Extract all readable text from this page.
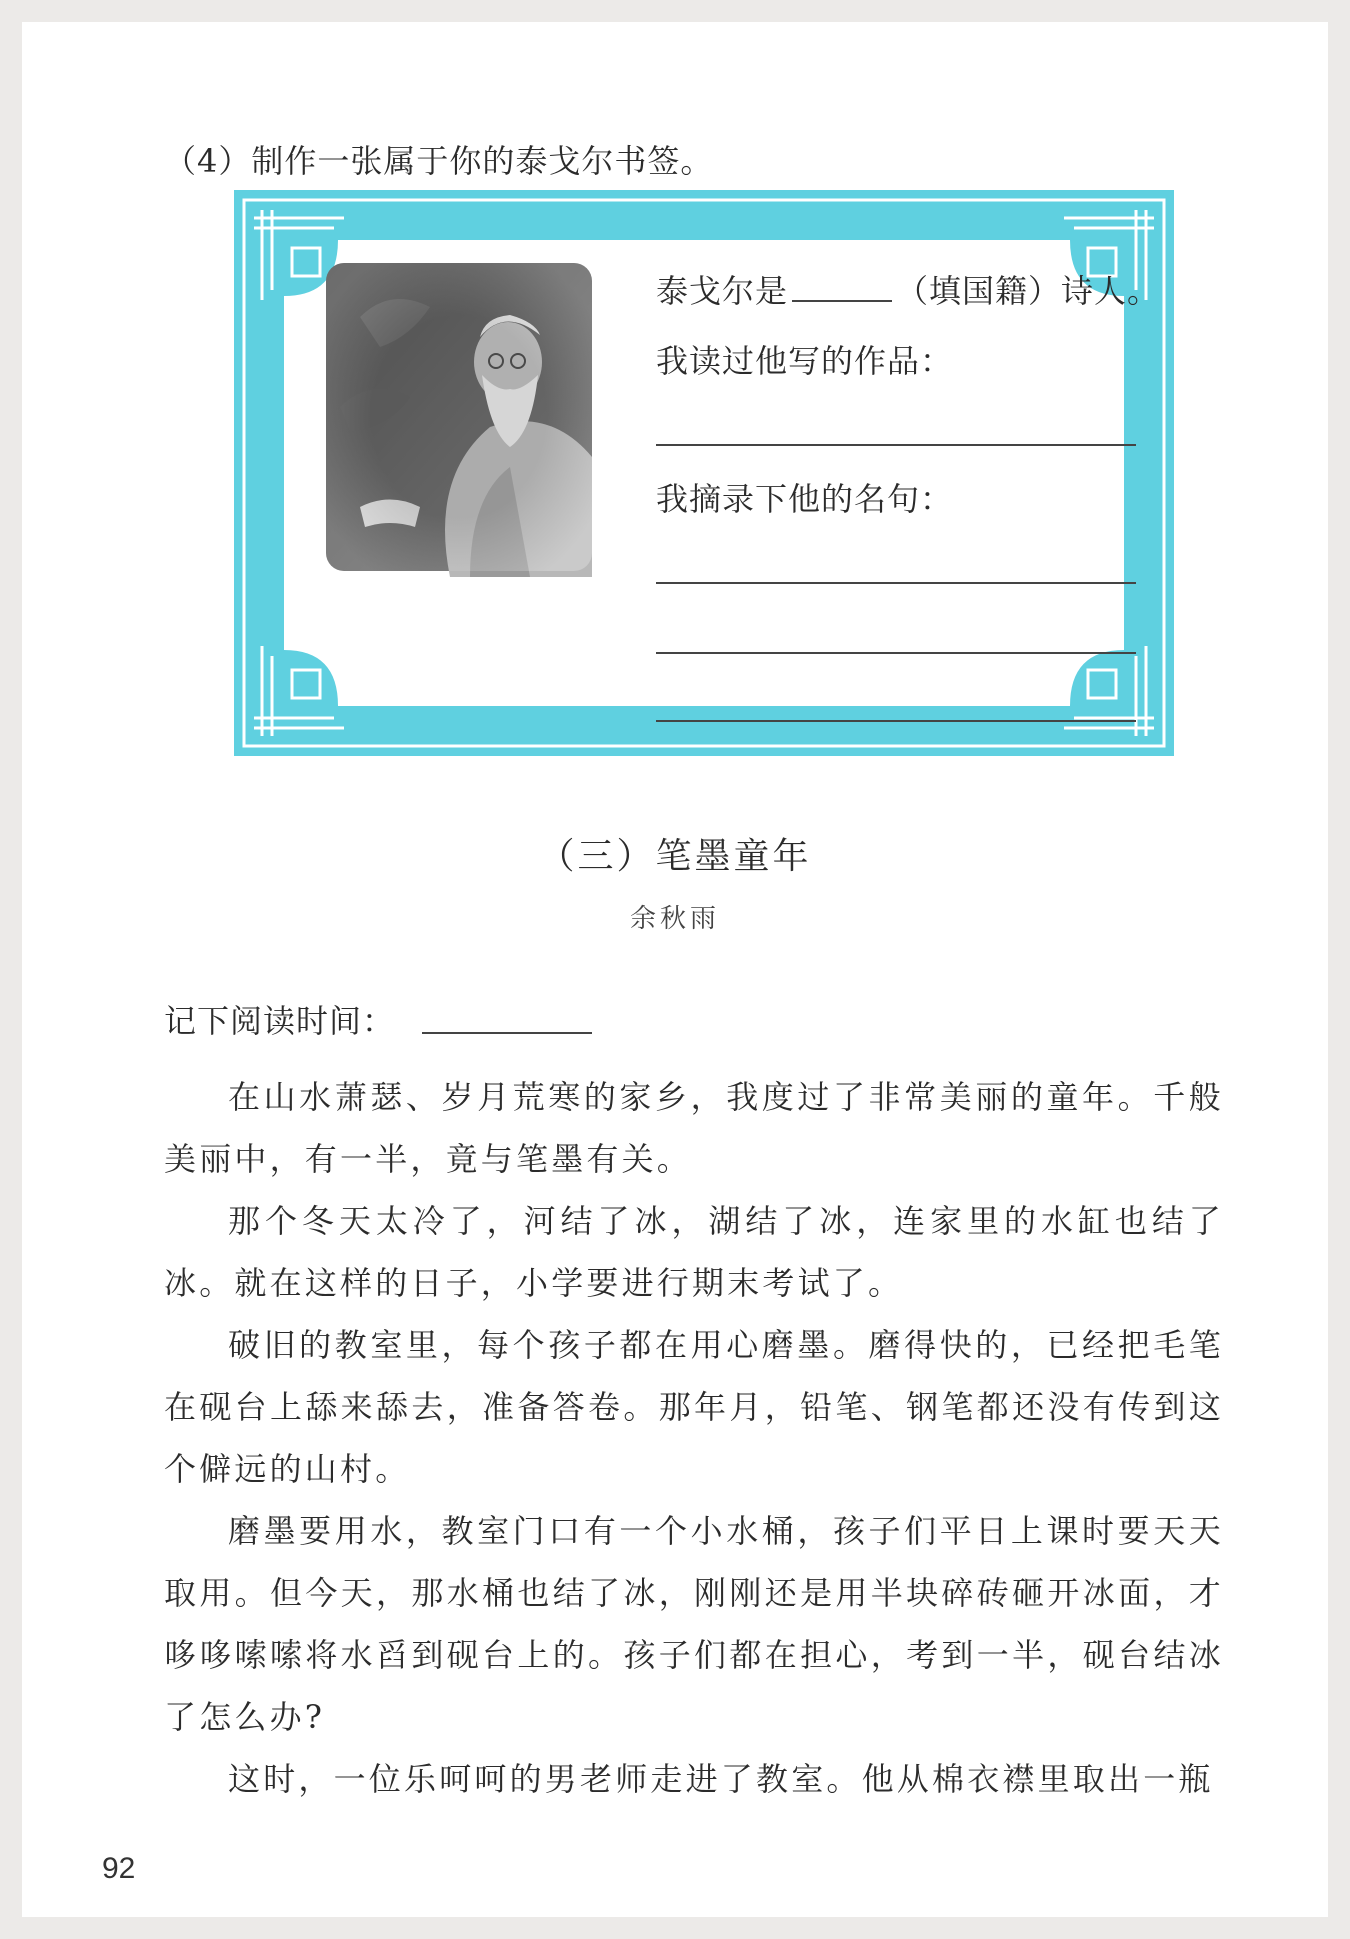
（4）制作一张属于你的泰戈尔书签。
泰戈尔是	（填国籍）诗人。
我读过他写的作品：
我摘录下他的名句：
（三）笔墨童年
余秋雨
记下阅读时间：

在山水萧瑟、岁月荒寒的家乡，我度过了非常美丽的童年。千般美丽中，有一半，竟与笔墨有关。

那个冬天太冷了，河结了冰，湖结了冰，连家里的水缸也结了冰。就在这样的日子，小学要进行期末考试了。

破旧的教室里，每个孩子都在用心磨墨。磨得快的，已经把毛笔在砚台上舔来舔去，准备答卷。那年月，铅笔、钢笔都还没有传到这个僻远的山村。

磨墨要用水，教室门口有一个小水桶，孩子们平日上课时要天天取用。但今天，那水桶也结了冰，刚刚还是用半块碎砖砸开冰面，才哆哆嗦嗦将水舀到砚台上的。孩子们都在担心，考到一半，砚台结冰了怎么办?

这时，一位乐呵呵的男老师走进了教室。他从棉衣襟里取出一瓶

92
